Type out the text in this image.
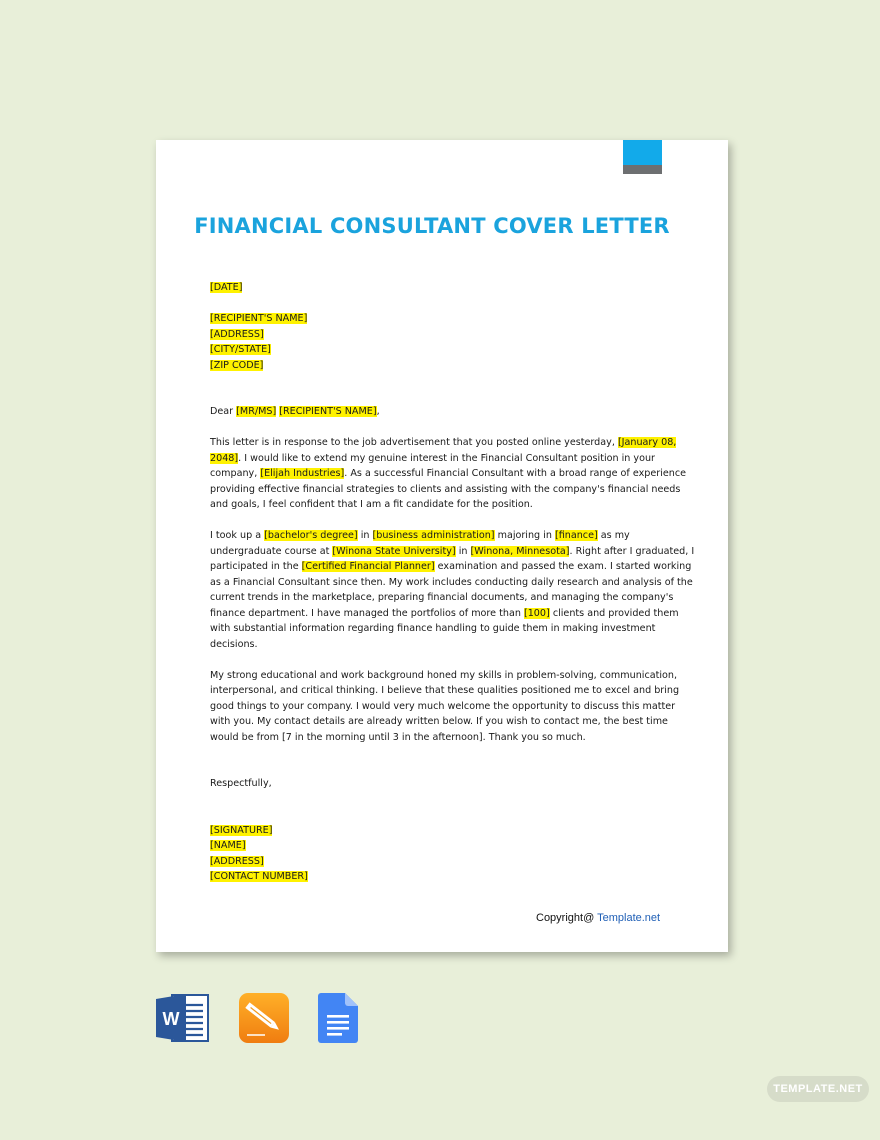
FINANCIAL CONSULTANT COVER LETTER

[DATE]

[RECIPIENT'S NAME]

[ADDRESS]

[CITY/STATE]

[ZIP CODE]

Dear [MR/MS] [RECIPIENT'S NAME],

This letter is in response to the job advertisement that you posted online yesterday, [January 08,
2048]. I would like to extend my genuine interest in the Financial Consultant position in your
company, [Elijah Industries]. As a successful Financial Consultant with a broad range of experience
providing effective financial strategies to clients and assisting with the company's financial needs
and goals, I feel confident that I am a fit candidate for the position.
I took up a [bachelor's degree] in [business administration] majoring in [finance] as my
undergraduate course at [Winona State University] in [Winona, Minnesota]. Right after I graduated, I
participated in the [Certified Financial Planner] examination and passed the exam. I started working
as a Financial Consultant since then. My work includes conducting daily research and analysis of the
current trends in the marketplace, preparing financial documents, and managing the company's
finance department. I have managed the portfolios of more than [100] clients and provided them
with substantial information regarding finance handling to guide them in making investment
decisions.
My strong educational and work background honed my skills in problem-solving, communication,
interpersonal, and critical thinking. I believe that these qualities positioned me to excel and bring
good things to your company. I would very much welcome the opportunity to discuss this matter
with you. My contact details are already written below. If you wish to contact me, the best time
would be from [7 in the morning until 3 in the afternoon]. Thank you so much.

Respectfully,

[SIGNATURE]

[NAME]

[ADDRESS]

[CONTACT NUMBER]

Copyright@ Template.net
W
TEMPLATE.NET
